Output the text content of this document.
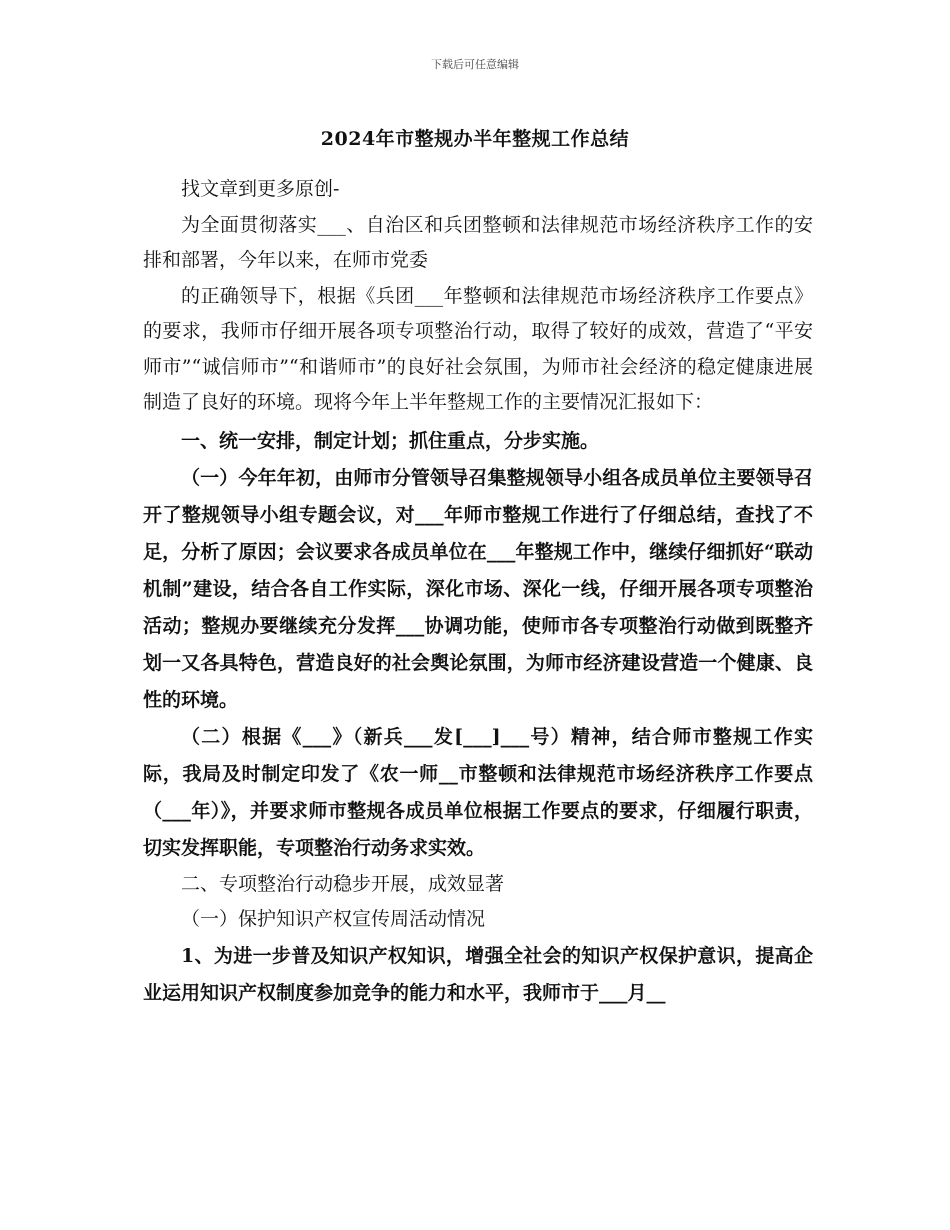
下载后可任意编辑
2024年市整规办半年整规工作总结

找文章到更多原创-

为全面贯彻落实___、自治区和兵团整顿和法律规范市场经济秩序工作的安排和部署，今年以来，在师市党委

的正确领导下，根据《兵团___年整顿和法律规范市场经济秩序工作要点》的要求，我师市仔细开展各项专项整治行动，取得了较好的成效，营造了“平安师市”“诚信师市”“和谐师市”的良好社会氛围，为师市社会经济的稳定健康进展制造了良好的环境。现将今年上半年整规工作的主要情况汇报如下：

一、统一安排，制定计划；抓住重点，分步实施。

（一）今年年初，由师市分管领导召集整规领导小组各成员单位主要领导召开了整规领导小组专题会议，对___年师市整规工作进行了仔细总结，查找了不足，分析了原因；会议要求各成员单位在___年整规工作中，继续仔细抓好“联动机制”建设，结合各自工作实际，深化市场、深化一线，仔细开展各项专项整治活动；整规办要继续充分发挥___协调功能，使师市各专项整治行动做到既整齐划一又各具特色，营造良好的社会舆论氛围，为师市经济建设营造一个健康、良性的环境。

（二）根据《___》（新兵___发[___]___号）精神，结合师市整规工作实际，我局及时制定印发了《农一师__市整顿和法律规范市场经济秩序工作要点（___年）》，并要求师市整规各成员单位根据工作要点的要求，仔细履行职责，切实发挥职能，专项整治行动务求实效。

二、专项整治行动稳步开展，成效显著

（一）保护知识产权宣传周活动情况

1、为进一步普及知识产权知识，增强全社会的知识产权保护意识，提高企业运用知识产权制度参加竞争的能力和水平，我师市于___月__
